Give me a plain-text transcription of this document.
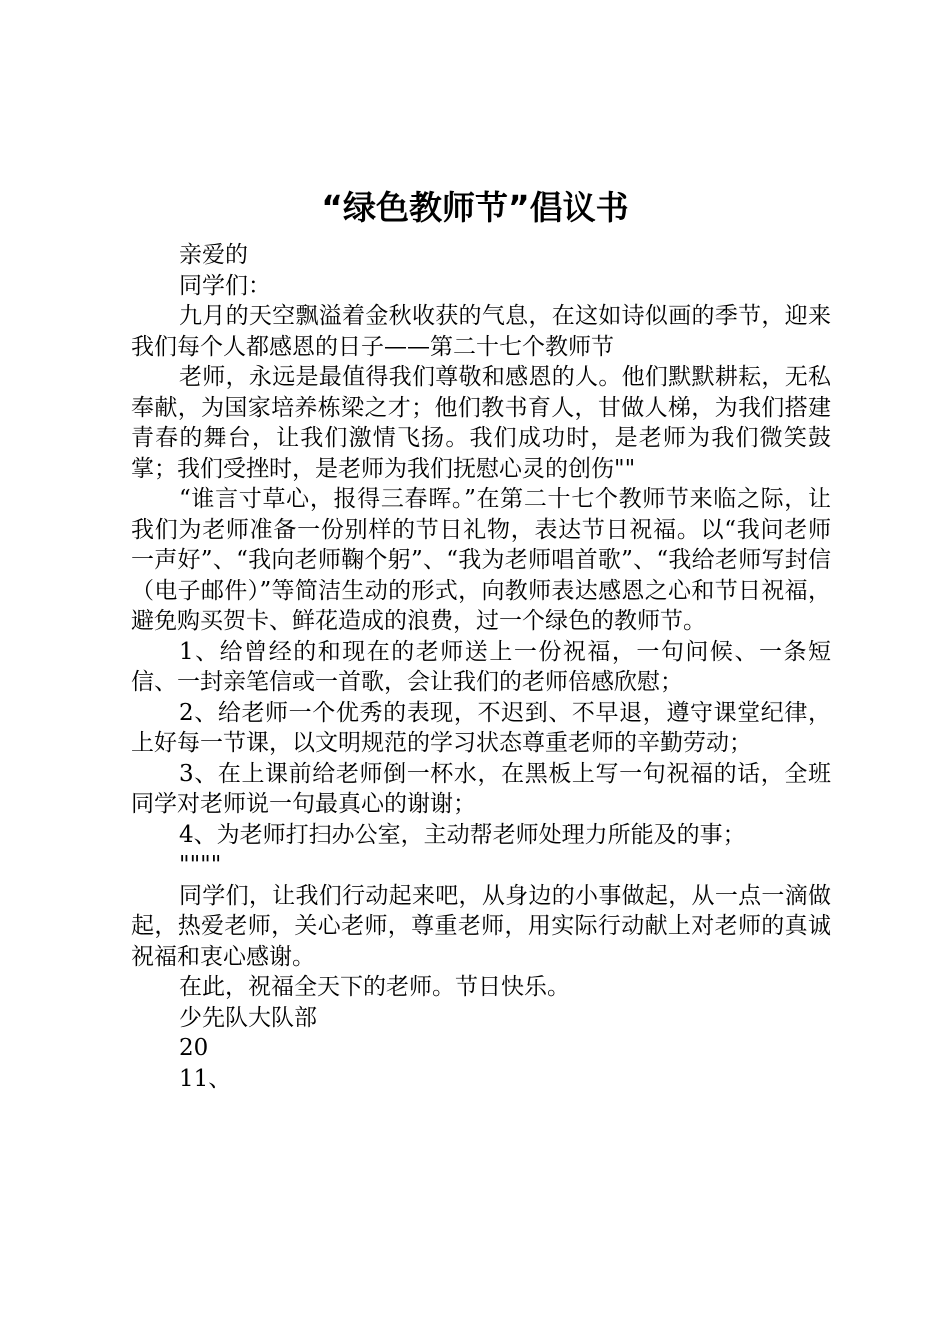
“绿色教师节”倡议书

亲爱的

同学们：

九月的天空飘溢着金秋收获的气息，在这如诗似画的季节，迎来我们每个人都感恩的日子——第二十七个教师节

老师，永远是最值得我们尊敬和感恩的人。他们默默耕耘，无私奉献，为国家培养栋梁之才；他们教书育人，甘做人梯，为我们搭建青春的舞台，让我们激情飞扬。我们成功时，是老师为我们微笑鼓掌；我们受挫时，是老师为我们抚慰心灵的创伤""

“谁言寸草心，报得三春晖。”在第二十七个教师节来临之际，让我们为老师准备一份别样的节日礼物，表达节日祝福。以“我问老师一声好”、“我向老师鞠个躬”、“我为老师唱首歌”、“我给老师写封信（电子邮件）”等简洁生动的形式，向教师表达感恩之心和节日祝福，避免购买贺卡、鲜花造成的浪费，过一个绿色的教师节。

1、给曾经的和现在的老师送上一份祝福，一句问候、一条短信、一封亲笔信或一首歌，会让我们的老师倍感欣慰；

2、给老师一个优秀的表现，不迟到、不早退，遵守课堂纪律，上好每一节课，以文明规范的学习状态尊重老师的辛勤劳动；

3、在上课前给老师倒一杯水，在黑板上写一句祝福的话，全班同学对老师说一句最真心的谢谢；

4、为老师打扫办公室，主动帮老师处理力所能及的事；

""""

同学们，让我们行动起来吧，从身边的小事做起，从一点一滴做起，热爱老师，关心老师，尊重老师，用实际行动献上对老师的真诚祝福和衷心感谢。

在此，祝福全天下的老师。节日快乐。

少先队大队部

20

11、
